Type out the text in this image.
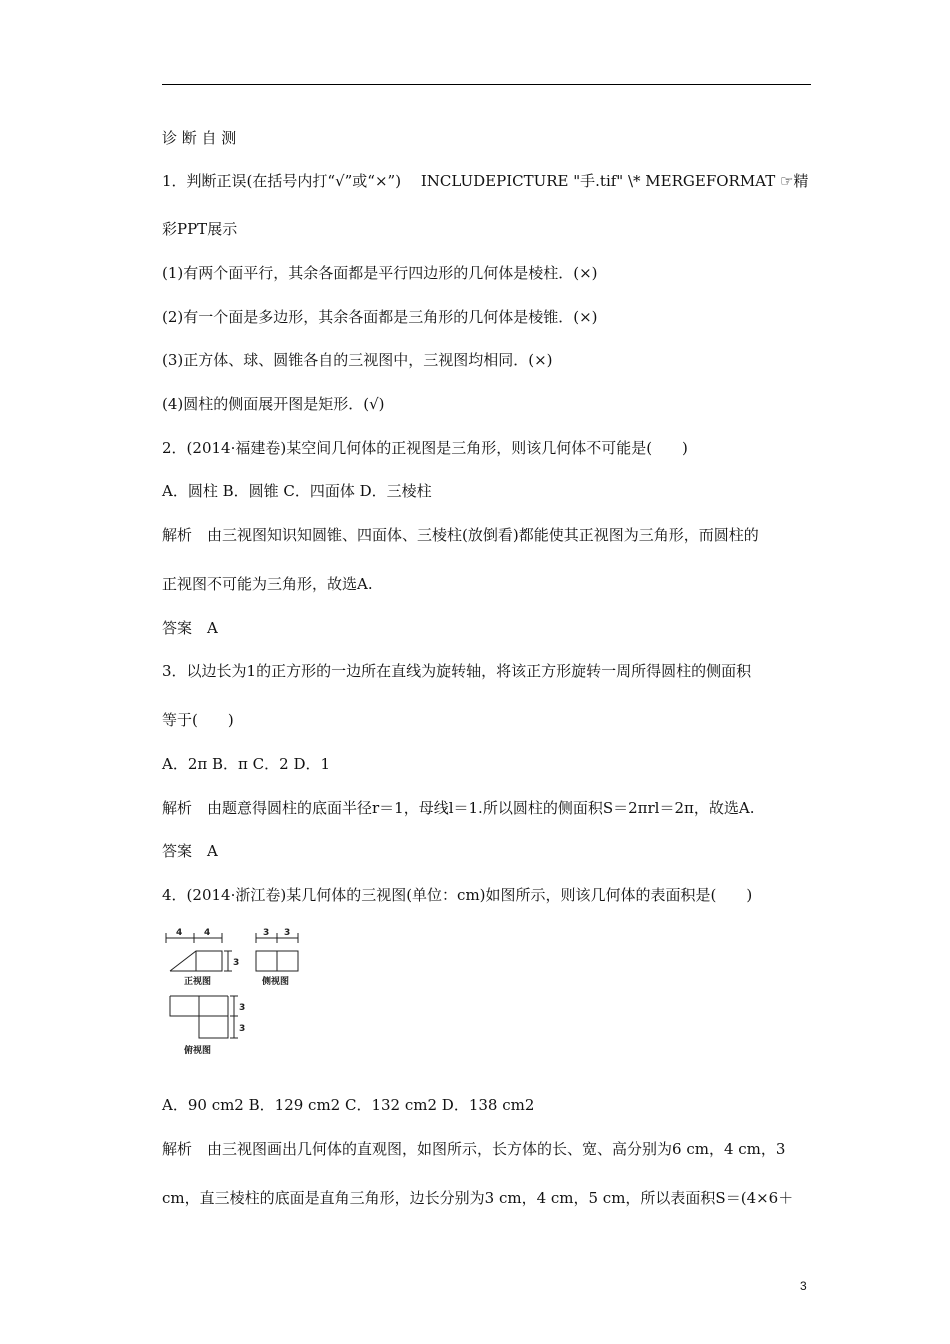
诊 断 自 测
1．判断正误(在括号内打“√”或“×”)　 INCLUDEPICTURE "手.tif" \* MERGEFORMAT ☞精
彩PPT展示
(1)有两个面平行，其余各面都是平行四边形的几何体是棱柱．(×)
(2)有一个面是多边形，其余各面都是三角形的几何体是棱锥．(×)
(3)正方体、球、圆锥各自的三视图中，三视图均相同．(×)
(4)圆柱的侧面展开图是矩形．(√)
2．(2014·福建卷)某空间几何体的正视图是三角形，则该几何体不可能是(　　)
A．圆柱 B．圆锥 C．四面体 D．三棱柱
解析　由三视图知识知圆锥、四面体、三棱柱(放倒看)都能使其正视图为三角形，而圆柱的
正视图不可能为三角形，故选A.
答案　A
3．以边长为1的正方形的一边所在直线为旋转轴，将该正方形旋转一周所得圆柱的侧面积
等于(　　)
A．2π B．π C．2 D．1
解析　由题意得圆柱的底面半径r＝1，母线l＝1.所以圆柱的侧面积S＝2πrl＝2π，故选A.
答案　A
4．(2014·浙江卷)某几何体的三视图(单位：cm)如图所示，则该几何体的表面积是(　　)
4 4
3
3 3
3
3
正视图	侧视图
俯视图
A．90 cm2 B．129 cm2 C．132 cm2 D．138 cm2
解析　由三视图画出几何体的直观图，如图所示，长方体的长、宽、高分别为6 cm，4 cm，3
cm，直三棱柱的底面是直角三角形，边长分别为3 cm，4 cm，5 cm，所以表面积S＝(4×6＋
3
